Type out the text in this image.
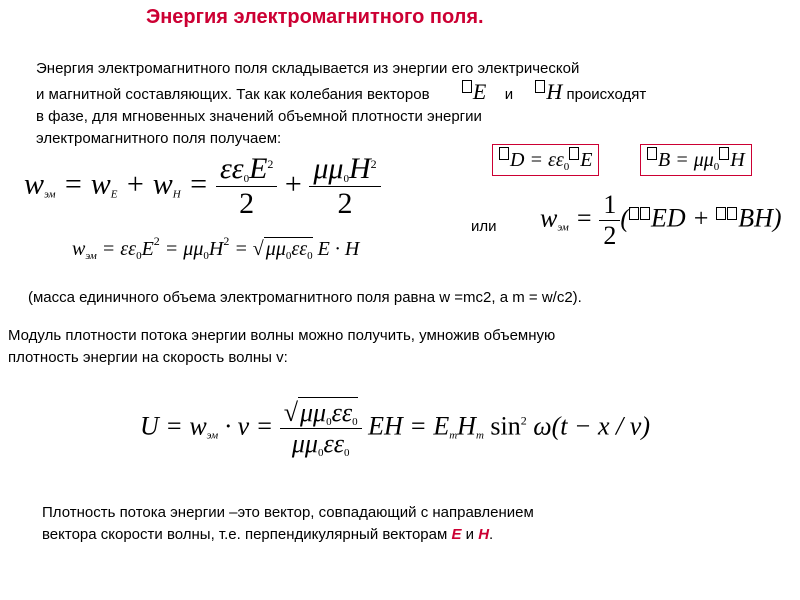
Энергия электромагнитного поля.
Энергия электромагнитного поля складывается из энергии его электрической
и магнитной составляющих. Так как колебания векторов E и H происходят
в фазе, для мгновенных значений объемной плотности энергии
электромагнитного поля получаем:
$D = \varepsilon\varepsilon_0$ E	$B = \mu\mu_0$ H
$w_{эм} = w_E + w_H = \frac{\varepsilon\varepsilon_0E^2}{2} + \frac{\mu\mu_0H^2}{2}$
или $w_{эм} = \frac{1}{2}$ ( ED + BH)
$w_{эм} = \varepsilon\varepsilon_0E^2 = \mu\mu_0H^2$ = √ $\mu\mu_0\varepsilon\varepsilon_0$ E · H
(масса единичного объема электромагнитного поля равна w =mc2, а m = w/c2).
Модуль плотности потока энергии волны можно получить, умножив объемную
плотность энергии на скорость волны v:
$U = w_{эм} \cdot v = \frac{√\mu\mu_0\varepsilon\varepsilon_0}{\mu\mu_0\varepsilon\varepsilon_0}$ EH = $E_mH_m$ $\sin^2 \omega(t - x / v)$
Плотность потока энергии –это вектор, совпадающий с направлением
вектора скорости волны, т.е. перпендикулярный векторам E и H.
